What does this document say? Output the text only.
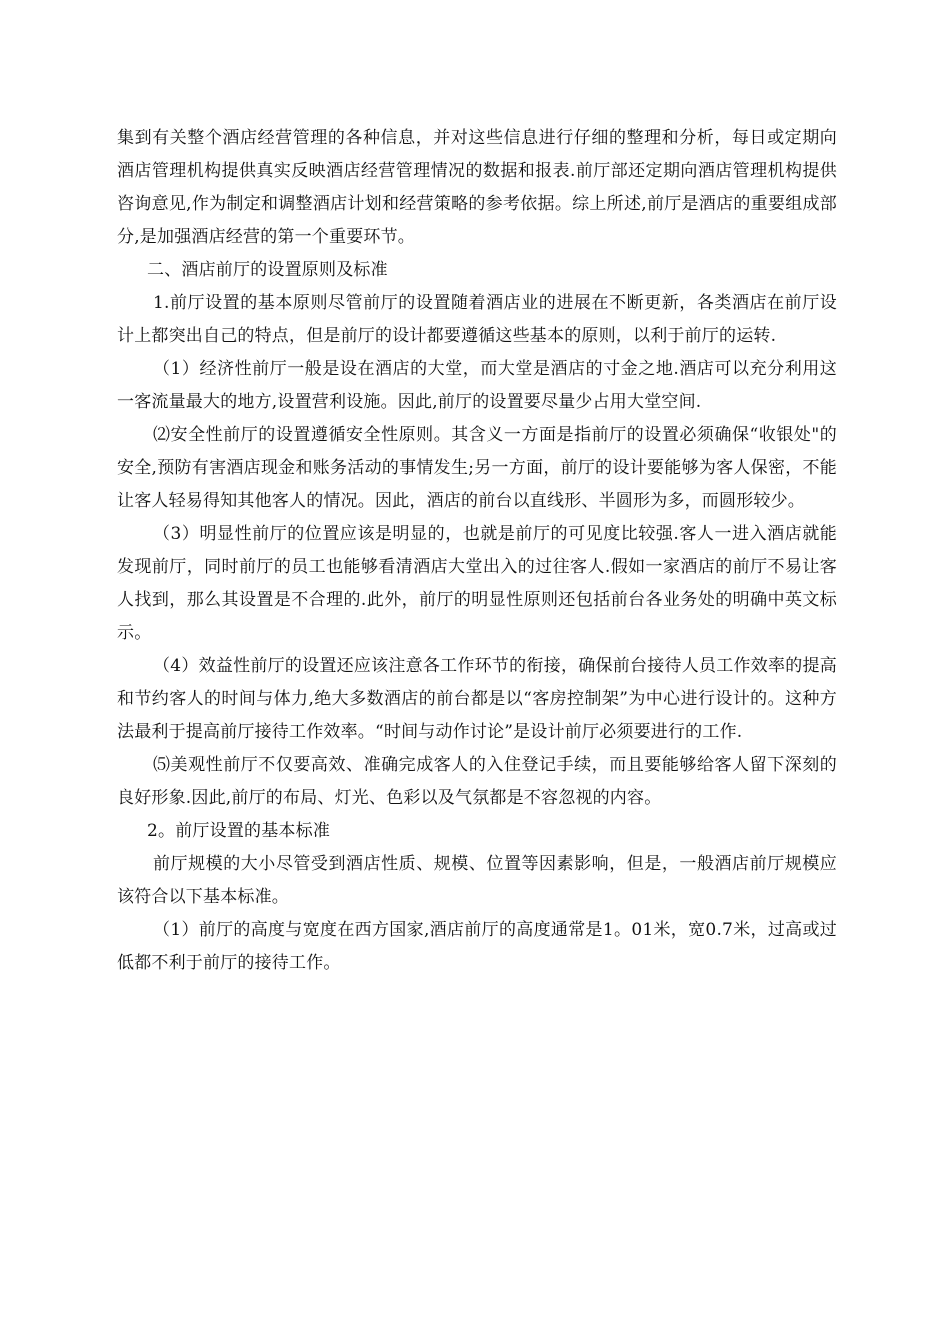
集到有关整个酒店经营管理的各种信息，并对这些信息进行仔细的整理和分析，每日或定期向酒店管理机构提供真实反映酒店经营管理情况的数据和报表.前厅部还定期向酒店管理机构提供咨询意见,作为制定和调整酒店计划和经营策略的参考依据。综上所述,前厅是酒店的重要组成部分,是加强酒店经营的第一个重要环节。

二、酒店前厅的设置原则及标准

1.前厅设置的基本原则尽管前厅的设置随着酒店业的进展在不断更新，各类酒店在前厅设计上都突出自己的特点，但是前厅的设计都要遵循这些基本的原则，以利于前厅的运转.

（1）经济性前厅一般是设在酒店的大堂，而大堂是酒店的寸金之地.酒店可以充分利用这一客流量最大的地方,设置营利设施。因此,前厅的设置要尽量少占用大堂空间.

⑵安全性前厅的设置遵循安全性原则。其含义一方面是指前厅的设置必须确保“收银处"的安全,预防有害酒店现金和账务活动的事情发生;另一方面，前厅的设计要能够为客人保密，不能让客人轻易得知其他客人的情况。因此，酒店的前台以直线形、半圆形为多，而圆形较少。

（3）明显性前厅的位置应该是明显的，也就是前厅的可见度比较强.客人一进入酒店就能发现前厅，同时前厅的员工也能够看清酒店大堂出入的过往客人.假如一家酒店的前厅不易让客人找到，那么其设置是不合理的.此外，前厅的明显性原则还包括前台各业务处的明确中英文标示。

（4）效益性前厅的设置还应该注意各工作环节的衔接，确保前台接待人员工作效率的提高和节约客人的时间与体力,绝大多数酒店的前台都是以“客房控制架”为中心进行设计的。这种方法最利于提高前厅接待工作效率。“时间与动作讨论”是设计前厅必须要进行的工作.

⑸美观性前厅不仅要高效、准确完成客人的入住登记手续，而且要能够给客人留下深刻的良好形象.因此,前厅的布局、灯光、色彩以及气氛都是不容忽视的内容。

2。前厅设置的基本标准

前厅规模的大小尽管受到酒店性质、规模、位置等因素影响，但是，一般酒店前厅规模应该符合以下基本标准。

（1）前厅的高度与宽度在西方国家,酒店前厅的高度通常是1。01米，宽0.7米，过高或过低都不利于前厅的接待工作。
